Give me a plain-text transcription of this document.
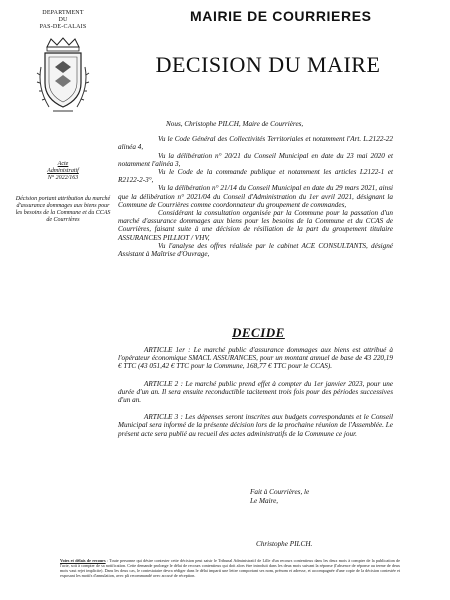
DEPARTMENT
DU
PAS-DE-CALAIS
Acte
Administratif
N° 2022/163
Décision portant attribution du marché d'assurance dommages aux biens pour les besoins de la Commune et du CCAS de Courrières
MAIRIE DE COURRIERES
DECISION DU MAIRE

Nous, Christophe PILCH, Maire de Courrières,

Vu le Code Général des Collectivités Territoriales et notamment l'Art. L.2122-22 alinéa 4,

Vu la délibération n° 20/21 du Conseil Municipal en date du 23 mai 2020 et notamment l'alinéa 3,

Vu le Code de la commande publique et notamment les articles L2122-1 et R2122-2-3°,

Vu la délibération n° 21/14 du Conseil Municipal en date du 29 mars 2021, ainsi que la délibération n° 2021/04 du Conseil d'Administration du 1er avril 2021, désignant la Commune de Courrières comme coordonnateur du groupement de commandes,

Considérant la consultation organisée par la Commune pour la passation d'un marché d'assurance dommages aux biens pour les besoins de la Commune et du CCAS de Courrières, faisant suite à une décision de résiliation de la part du groupement titulaire ASSURANCES PILLIOT / VHV,

Vu l'analyse des offres réalisée par le cabinet ACE CONSULTANTS, désigné Assistant à Maîtrise d'Ouvrage,

DECIDE

ARTICLE 1er : Le marché public d'assurance dommages aux biens est attribué à l'opérateur économique SMACL ASSURANCES, pour un montant annuel de base de 43 220,19 € TTC (43 051,42 € TTC pour la Commune, 168,77 € TTC pour le CCAS).

ARTICLE 2 : Le marché public prend effet à compter du 1er janvier 2023, pour une durée d'un an. Il sera ensuite reconductible tacitement trois fois pour des périodes successives d'un an.

ARTICLE 3 : Les dépenses seront inscrites aux budgets correspondants et le Conseil Municipal sera informé de la présente décision lors de la prochaine réunion de l'Assemblée. Le présent acte sera publié au recueil des actes administratifs de la Commune ce jour.

Fait à Courrières, le
Le Maire,
Christophe PILCH.
Voies et délais de recours : Toute personne qui désire contester cette décision peut saisir le Tribunal Administratif de Lille d'un recours contentieux dans les deux mois à compter de la publication de l'acte, soit à compter de sa notification. Cette demande prolonge le délai de recours contentieux qui doit alors être introduit dans les deux mois suivant la réponse (l'absence de réponse au terme de deux mois vaut rejet implicite). Dans les deux cas, le contestataire devra rédiger dans le délai imparti une lettre comportant ses nom, prénom et adresse, et accompagnée d'une copie de la décision contestée et exposant les motifs d'annulation, avec pli recommandé avec accusé de réception.
